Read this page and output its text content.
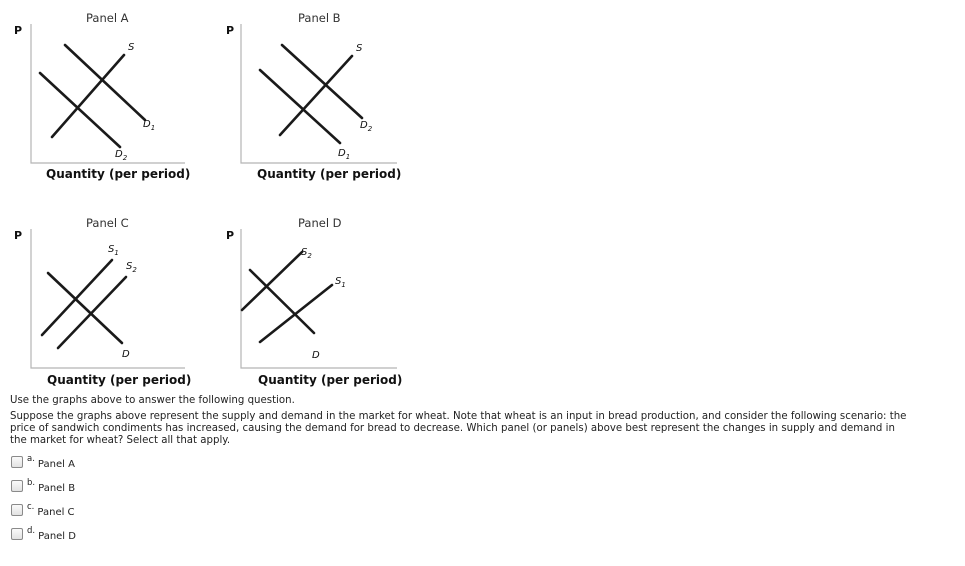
P
Panel A
S
D1
D2
Quantity (per period)
P
Panel B
S
D1
D2
Quantity (per period)
P
Panel C
S1
S2
D
Quantity (per period)
P
Panel D
S1
S2
D
Quantity (per period)

Use the graphs above to answer the following question.

Suppose the graphs above represent the supply and demand in the market for wheat. Note that wheat is an input in bread production, and consider the following scenario: the price of sandwich condiments has increased, causing the demand for bread to decrease. Which panel (or panels) above best represent the changes in supply and demand in the market for wheat? Select all that apply.

a. Panel A
b. Panel B
c. Panel C
d. Panel D
